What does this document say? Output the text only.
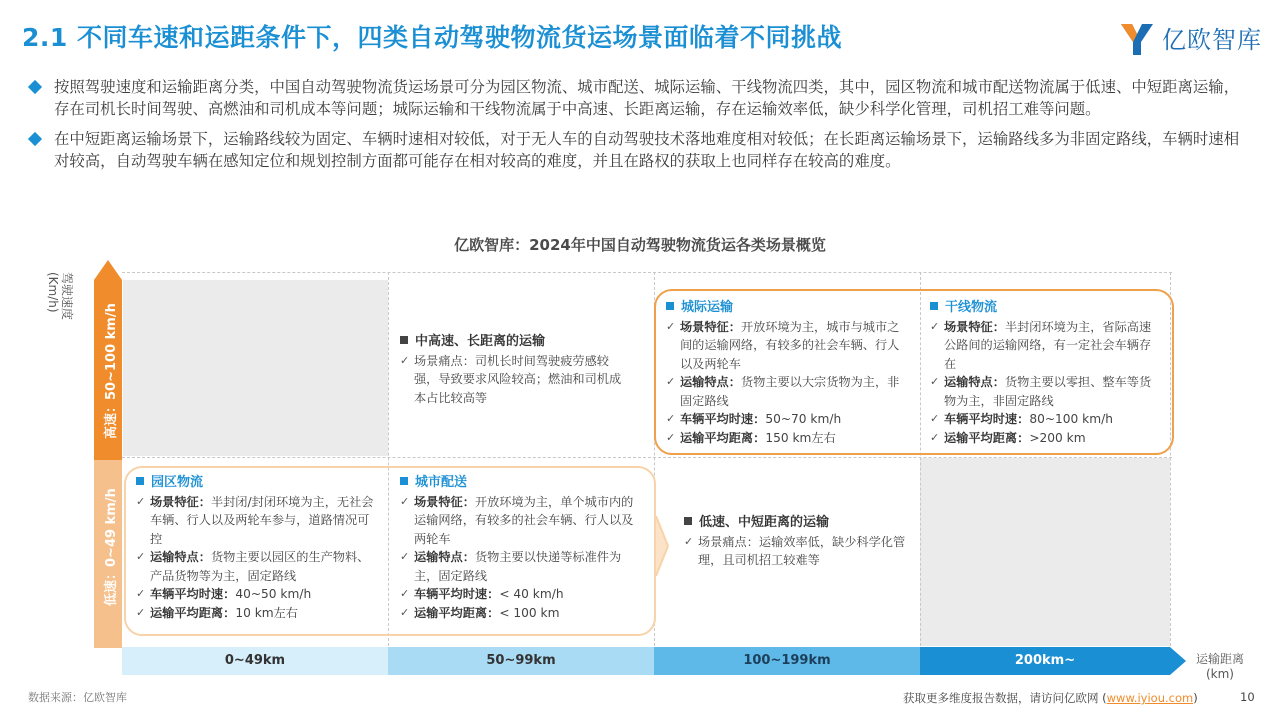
2.1 不同车速和运距条件下，四类自动驾驶物流货运场景面临着不同挑战	亿欧智库
按照驾驶速度和运输距离分类，中国自动驾驶物流货运场景可分为园区物流、城市配送、城际运输、干线物流四类，其中，园区物流和城市配送物流属于低速、中短距离运输，存在司机长时间驾驶、高燃油和司机成本等问题；城际运输和干线物流属于中高速、长距离运输，存在运输效率低，缺少科学化管理，司机招工难等问题。
在中短距离运输场景下，运输路线较为固定、车辆时速相对较低，对于无人车的自动驾驶技术落地难度相对较低；在长距离运输场景下，运输路线多为非固定路线，车辆时速相对较高，自动驾驶车辆在感知定位和规划控制方面都可能存在相对较高的难度，并且在路权的获取上也同样存在较高的难度。
亿欧智库：2024年中国自动驾驶物流货运各类场景概览
高速：50~100 km/h
低速：0~49 km/h
驾驶速度
(Km/h)
中高速、长距离的运输
✓ 场景痛点：司机长时间驾驶疲劳感较强，导致要求风险较高；燃油和司机成本占比较高等
城际运输
✓ 场景特征：开放环境为主，城市与城市之间的运输网络，有较多的社会车辆、行人以及两轮车
✓ 运输特点：货物主要以大宗货物为主，非固定路线
✓ 车辆平均时速：50~70 km/h
✓ 运输平均距离：150 km左右
干线物流
✓ 场景特征：半封闭环境为主，省际高速公路间的运输网络，有一定社会车辆存在
✓ 运输特点：货物主要以零担、整车等货物为主，非固定路线
✓ 车辆平均时速：80~100 km/h
✓ 运输平均距离：>200 km
园区物流
✓ 场景特征：半封闭/封闭环境为主，无社会车辆、行人以及两轮车参与，道路情况可控
✓ 运输特点：货物主要以园区的生产物料、产品货物等为主，固定路线
✓ 车辆平均时速：40~50 km/h
✓ 运输平均距离：10 km左右
城市配送
✓ 场景特征：开放环境为主，单个城市内的运输网络，有较多的社会车辆、行人以及两轮车
✓ 运输特点：货物主要以快递等标准件为主，固定路线
✓ 车辆平均时速：< 40 km/h
✓ 运输平均距离：< 100 km
低速、中短距离的运输
✓ 场景痛点：运输效率低，缺少科学化管理，且司机招工较难等
0~49km	50~99km	100~199km	200km~	运输距离
(km)
数据来源：亿欧智库	获取更多维度报告数据，请访问亿欧网 (www.iyiou.com)	10
